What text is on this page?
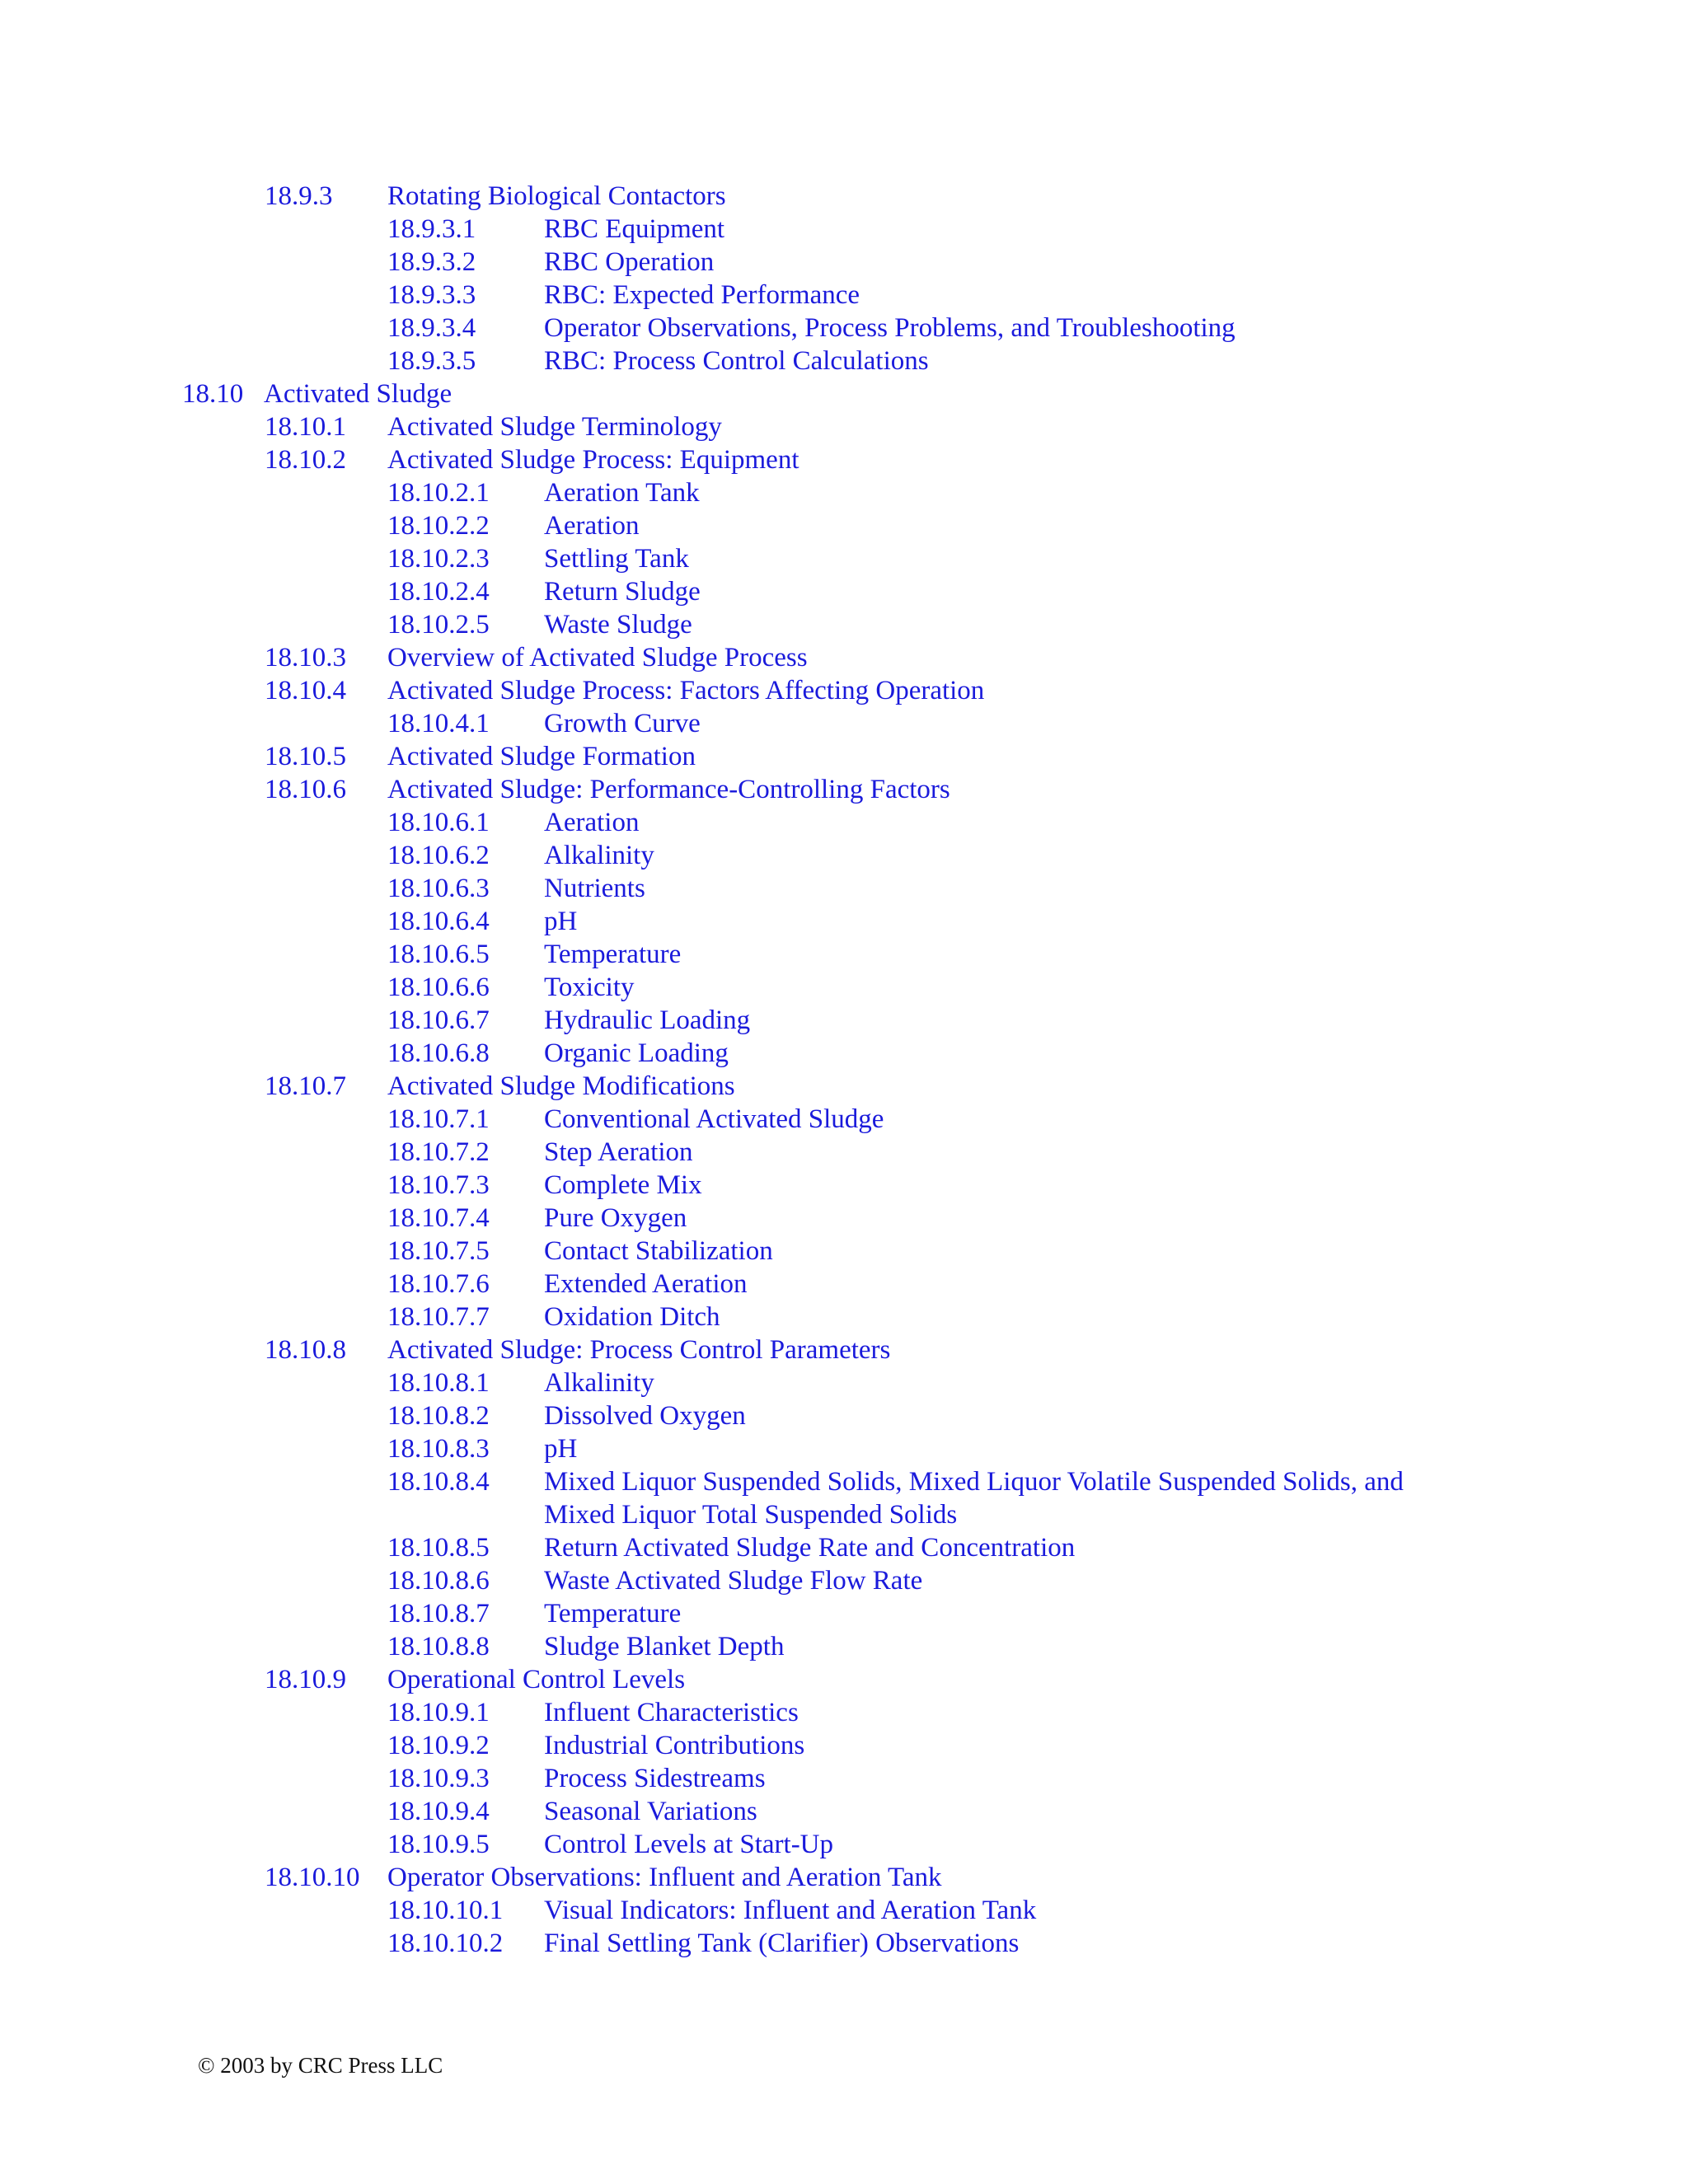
18.9.3 Rotating Biological Contactors
18.9.3.1	RBC Equipment
18.9.3.2	RBC Operation
18.9.3.3	RBC: Expected Performance
18.9.3.4	Operator Observations, Process Problems, and Troubleshooting
18.9.3.5	RBC: Process Control Calculations
18.10 Activated Sludge
18.10.1 Activated Sludge Terminology
18.10.2 Activated Sludge Process: Equipment
18.10.2.1 Aeration Tank
18.10.2.2 Aeration
18.10.2.3 Settling Tank
18.10.2.4 Return Sludge
18.10.2.5 Waste Sludge
18.10.3 Overview of Activated Sludge Process
18.10.4 Activated Sludge Process: Factors Affecting Operation
18.10.4.1 Growth Curve
18.10.5 Activated Sludge Formation
18.10.6 Activated Sludge: Performance-Controlling Factors
18.10.6.1 Aeration
18.10.6.2 Alkalinity
18.10.6.3 Nutrients
18.10.6.4 pH
18.10.6.5 Temperature
18.10.6.6 Toxicity
18.10.6.7 Hydraulic Loading
18.10.6.8 Organic Loading
18.10.7 Activated Sludge Modifications
18.10.7.1 Conventional Activated Sludge
18.10.7.2 Step Aeration
18.10.7.3 Complete Mix
18.10.7.4 Pure Oxygen
18.10.7.5 Contact Stabilization
18.10.7.6 Extended Aeration
18.10.7.7 Oxidation Ditch
18.10.8 Activated Sludge: Process Control Parameters
18.10.8.1 Alkalinity
18.10.8.2 Dissolved Oxygen
18.10.8.3 pH
18.10.8.4 Mixed Liquor Suspended Solids, Mixed Liquor Volatile Suspended Solids, and Mixed Liquor Total Suspended Solids
18.10.8.5 Return Activated Sludge Rate and Concentration
18.10.8.6 Waste Activated Sludge Flow Rate
18.10.8.7 Temperature
18.10.8.8 Sludge Blanket Depth
18.10.9 Operational Control Levels
18.10.9.1 Influent Characteristics
18.10.9.2 Industrial Contributions
18.10.9.3 Process Sidestreams
18.10.9.4 Seasonal Variations
18.10.9.5 Control Levels at Start-Up
18.10.10 Operator Observations: Influent and Aeration Tank
18.10.10.1 Visual Indicators: Influent and Aeration Tank
18.10.10.2 Final Settling Tank (Clarifier) Observations
© 2003 by CRC Press LLC
